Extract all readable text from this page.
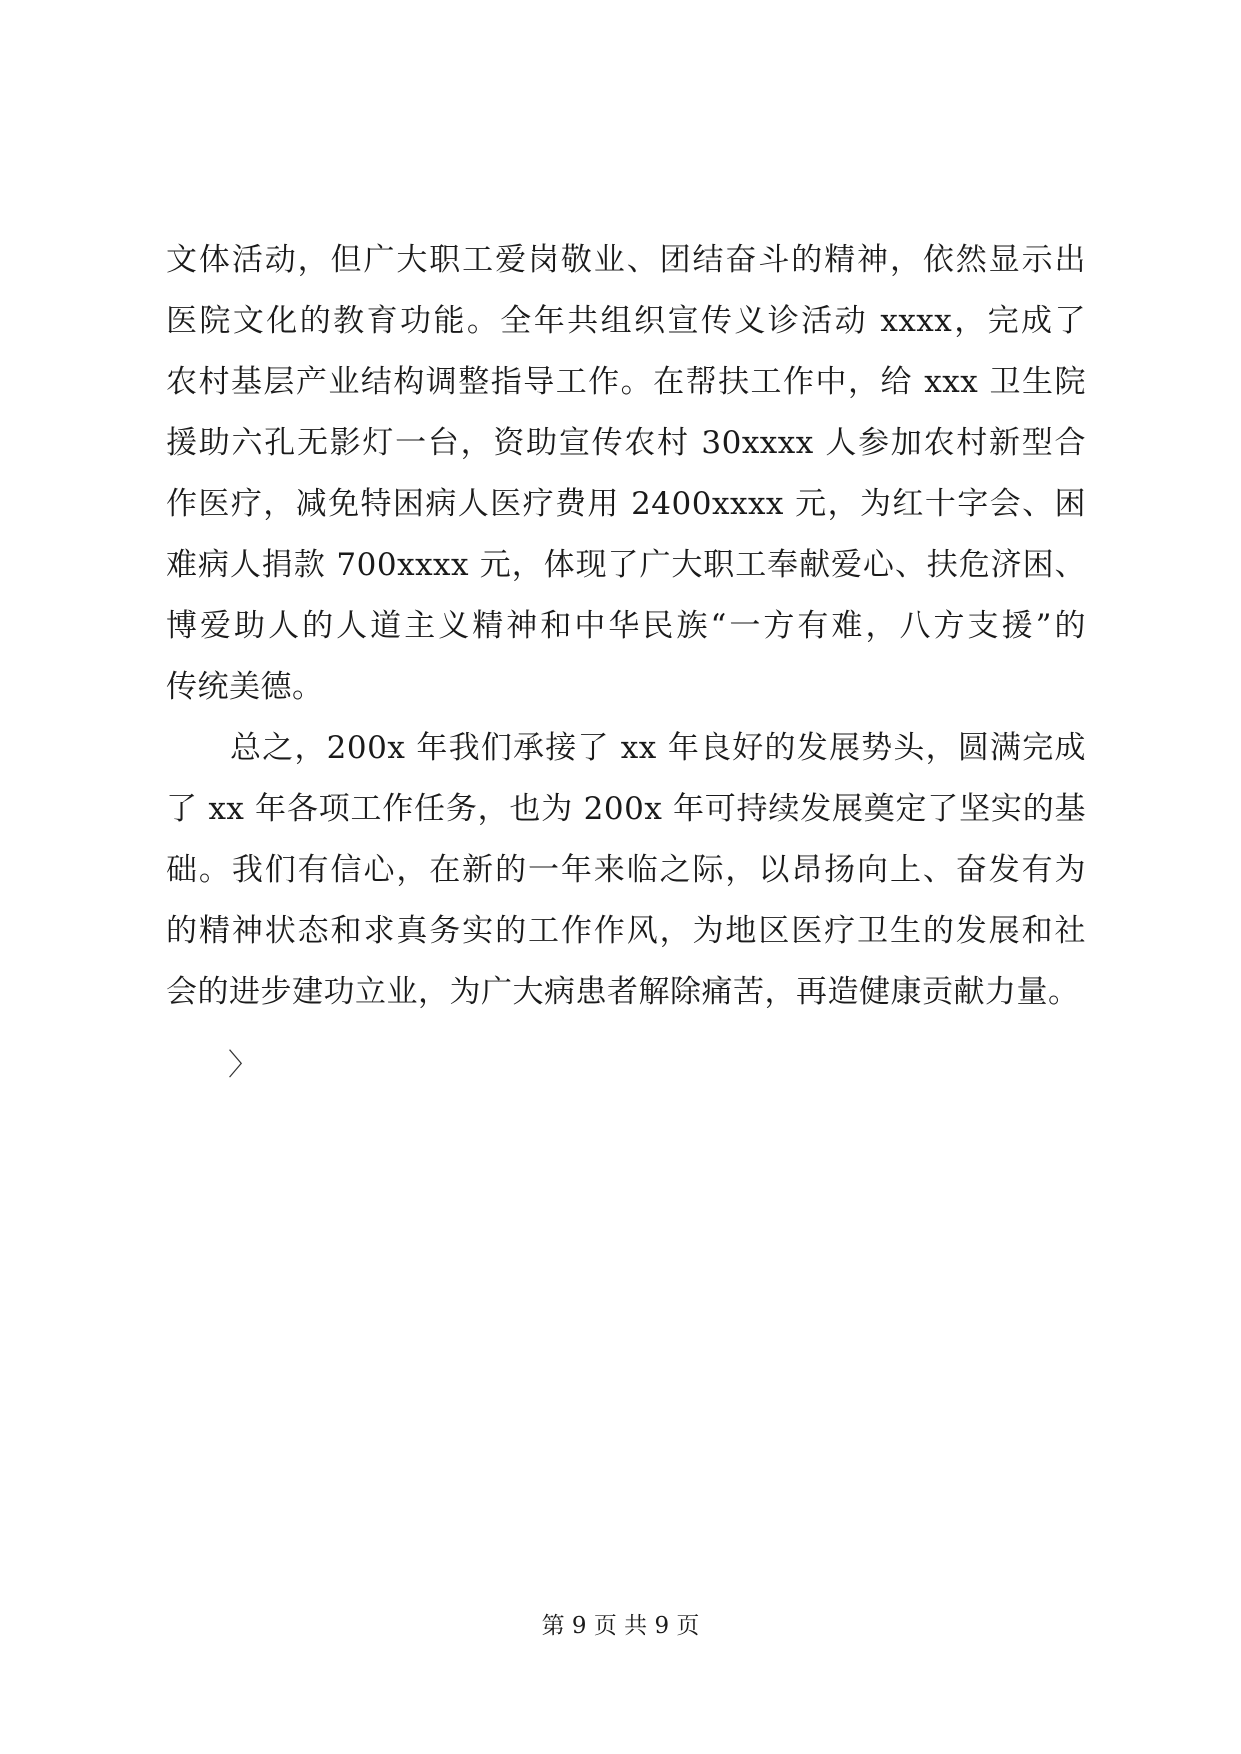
文体活动，但广大职工爱岗敬业、团结奋斗的精神，依然显示出
医院文化的教育功能。全年共组织宣传义诊活动 xxxx，完成了
农村基层产业结构调整指导工作。在帮扶工作中，给 xxx 卫生院
援助六孔无影灯一台，资助宣传农村 30xxxx 人参加农村新型合
作医疗，减免特困病人医疗费用 2400xxxx 元，为红十字会、困
难病人捐款 700xxxx 元，体现了广大职工奉献爱心、扶危济困、
博爱助人的人道主义精神和中华民族“一方有难，八方支援”的
传统美德。
总之，200x 年我们承接了 xx 年良好的发展势头，圆满完成
了 xx 年各项工作任务，也为 200x 年可持续发展奠定了坚实的基
础。我们有信心，在新的一年来临之际，以昂扬向上、奋发有为
的精神状态和求真务实的工作作风，为地区医疗卫生的发展和社
会的进步建功立业，为广大病患者解除痛苦，再造健康贡献力量。
〉
第 9 页 共 9 页
